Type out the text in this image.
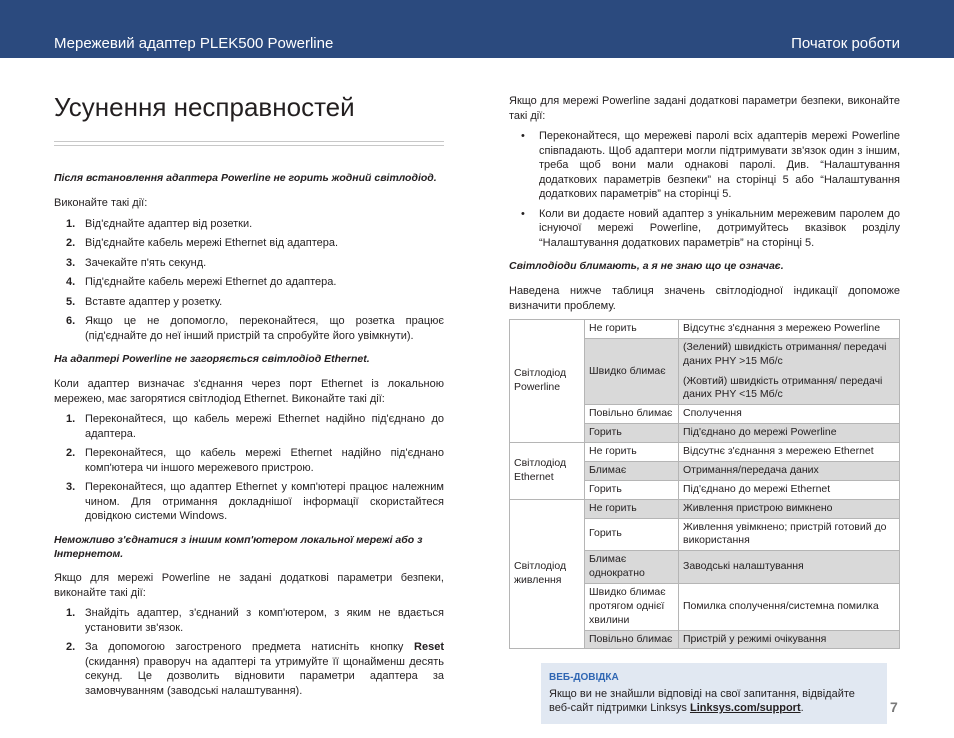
Мережевий адаптер PLEK500 Powerline	Початок роботи
Усунення несправностей
Після встановлення адаптера Powerline не горить жодний світлодіод.

Виконайте такі дії:

1. Від'єднайте адаптер від розетки.
2. Від'єднайте кабель мережі Ethernet від адаптера.
3. Зачекайте п'ять секунд.
4. Під'єднайте кабель мережі Ethernet до адаптера.
5. Вставте адаптер у розетку.
6. Якщо це не допомогло, переконайтеся, що розетка працює (під'єднайте до неї інший пристрій та спробуйте його увімкнути).
На адаптері Powerline не загоряється світлодіод Ethernet.

Коли адаптер визначає з'єднання через порт Ethernet із локальною мережею, має загорятися світлодіод Ethernet. Виконайте такі дії:

1. Переконайтеся, що кабель мережі Ethernet надійно під'єднано до адаптера.
2. Переконайтеся, що кабель мережі Ethernet надійно під'єднано комп'ютера чи іншого мережевого пристрою.
3. Переконайтеся, що адаптер Ethernet у комп'ютері працює належним чином. Для отримання докладнішої інформації скористайтеся довідкою системи Windows.
Неможливо з'єднатися з іншим комп'ютером локальної мережі або з Інтернетом.

Якщо для мережі Powerline не задані додаткові параметри безпеки, виконайте такі дії:

1. Знайдіть адаптер, з'єднаний з комп'ютером, з яким не вдається установити зв'язок.
2. За допомогою загостреного предмета натисніть кнопку Reset (скидання) праворуч на адаптері та утримуйте її щонайменш десять секунд. Це дозволить відновити параметри адаптера за замовчуванням (заводські налаштування).

Якщо для мережі Powerline задані додаткові параметри безпеки, виконайте такі дії:

• Переконайтеся, що мережеві паролі всіх адаптерів мережі Powerline співпадають. Щоб адаптери могли підтримувати зв'язок один з іншим, треба щоб вони мали однакові паролі. Див. “Налаштування додаткових параметрів безпеки” на сторінці 5 або “Налаштування додаткових параметрів” на сторінці 5.
• Коли ви додаєте новий адаптер з унікальним мережевим паролем до існуючої мережі Powerline, дотримуйтесь вказівок розділу “Налаштування додаткових параметрів” на сторінці 5.
Світлодіоди блимають, а я не знаю що це означає.

Наведена нижче таблиця значень світлодіодної індикації допоможе визначити проблему.

Світлодіод Powerline	Не горить	Відсутнє з'єднання з мережею Powerline
	Швидко блимає	(Зелений) швидкість отримання/ передачі даних PHY >15 Мб/с
(Жовтий) швидкість отримання/ передачі даних PHY <15 Мб/с

	Повільно блимає	Сполучення
	Горить	Під'єднано до мережі Powerline
Світлодіод Ethernet	Не горить	Відсутнє з'єднання з мережею Ethernet
	Блимає	Отримання/передача даних
	Горить	Під'єднано до мережі Ethernet
Світлодіод живлення	Не горить	Живлення пристрою вимкнено
	Горить	Живлення увімкнено; пристрій готовий до використання
	Блимає однократно	Заводські налаштування
	Швидко блимає протягом однієї хвилини	Помилка сполучення/системна помилка
	Повільно блимає	Пристрій у режимі очікування
ВЕБ-ДОВІДКА
Якщо ви не знайшли відповіді на свої запитання, відвідайте веб-сайт підтримки Linksys Linksys.com/support.	7
